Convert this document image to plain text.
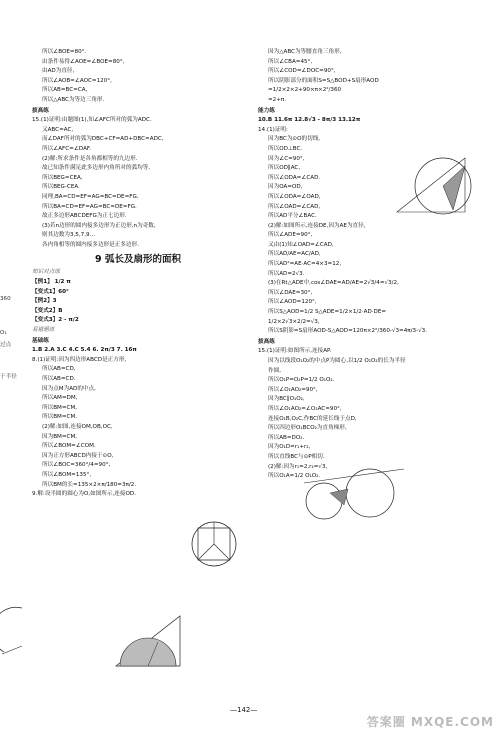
所以∠BOE=80°.
由条件易得∠AOE=∠BOE=80°,
由AD为直径,
所以∠AOB=∠AOC=120°,
所以AB=BC=CA,
所以△ABC为等边三角形.
拔高练
15.(1)证明:由题图(1),知∠AFC所对的弧为ADC.
又ABC=AC,
而∠DAF所对的弧为DBC+CF=AD+DBC=ADC,
所以∠AFC=∠DAF.
(2)解:所求条件是各角都相等的九边形.
故已知条件满足此多边形内角所对的弧均等,
所以BEG=CEA,
所以BEG-CEA.
同理,BA=CD=EF=AG=BC=DE=FG,
所以BA=CD=EF=AG=BC=DE=FG.
故正多边形ABCDEFG为正七边形.
(3)若n边形的圆内接多边形为正边形,n为奇数,
则其边数为3,5,7,9…
各内角相等的圆内接多边形是正多边形.
9 弧长及扇形的面积
知识对点练
【例1】 1/2 π
【变式1】60°
【例2】3
【变式2】B
【变式3】2 - π/2
易错题练
基础练
1.B 2.A 3.C 4.C 5.4 6. 2π/3 7. 16π
8.(1)证明:因为四边形ABCD是正方形,
所以AB=CD,
所以AB=CD.
因为点M为AD的中点,
所以AM=DM,
所以BM=CM,
所以BM=CM.
(2)解:如图,连接OM,OB,OC,
因为BM=CM,
所以∠BOM=∠COM.
因为正方形ABCD内接于⊙O,
所以∠BOC=360°/4=90°,
所以∠BOM=135°,
所以BM的长=135×2×π/180=3π/2.
9.解:设半圆的圆心为O,如图所示,连接OD.
因为△ABC为等腰直角三角形,
所以∠CBA=45°,
所以∠COD=∠DOC=90°,
所以阴影部分的面积S=S△BOD+S扇形AOD
=1/2×2×2+90×π×2²/360
=2+π.
能力练
10.B 11.6π 12.8√3 - 8π/3 13.12π
14.(1)证明:
因为BC为⊙O的切线,
所以OD⊥BC.
因为∠C=90°,
所以OD∥AC,
所以∠ODA=∠CAD.
因为OA=OD,
所以∠ODA=∠OAD,
所以∠OAD=∠CAD,
所以AD平分∠BAC.
(2)解:如图所示,连接DE,因为AE为直径,
所以∠ADE=90°,
又由(1)知∠OAD=∠CAD,
所以AD/AE=AC/AD,
所以AD²=AE·AC=4×3=12,
所以AD=2√3.
(3)在Rt△ADE中,cos∠DAE=AD/AE=2√3/4=√3/2,
所以∠DAE=30°,
所以∠AOD=120°,
所以S△AOD=1/2 S△ADE=1/2×1/2·AD·DE=
1/2×2√3×2/2=√3,
所以S阴影=S扇形AOD-S△AOD=120π×2²/360-√3=4π/3-√3.
拔高练
15.(1)证明:如图所示,连接AP.
因为以线段O₁O₂的中点P为圆心,以1/2 O₁O₂的长为半径
作圆,
所以O₁P=O₂P=1/2 O₁O₂.
所以∠O₁AO₂=90°,
因为BC∥O₁O₂,
所以∠O₁AO₂=∠O₂AC=90°,
连接O₁B,O₂C,作BC的延长线于点D,
所以四边形O₁BCO₂为直角梯形,
所以AB=DO₂.
因为O₁D=r₁+r₂,
所以直线BC与⊙P相切.
(2)解:因为r₁=2,r₂=√3,
所以O₁A=1/2 O₁O₂.
360
O₁
过点
于半径
—142—
答案圈 MXQE.COM
